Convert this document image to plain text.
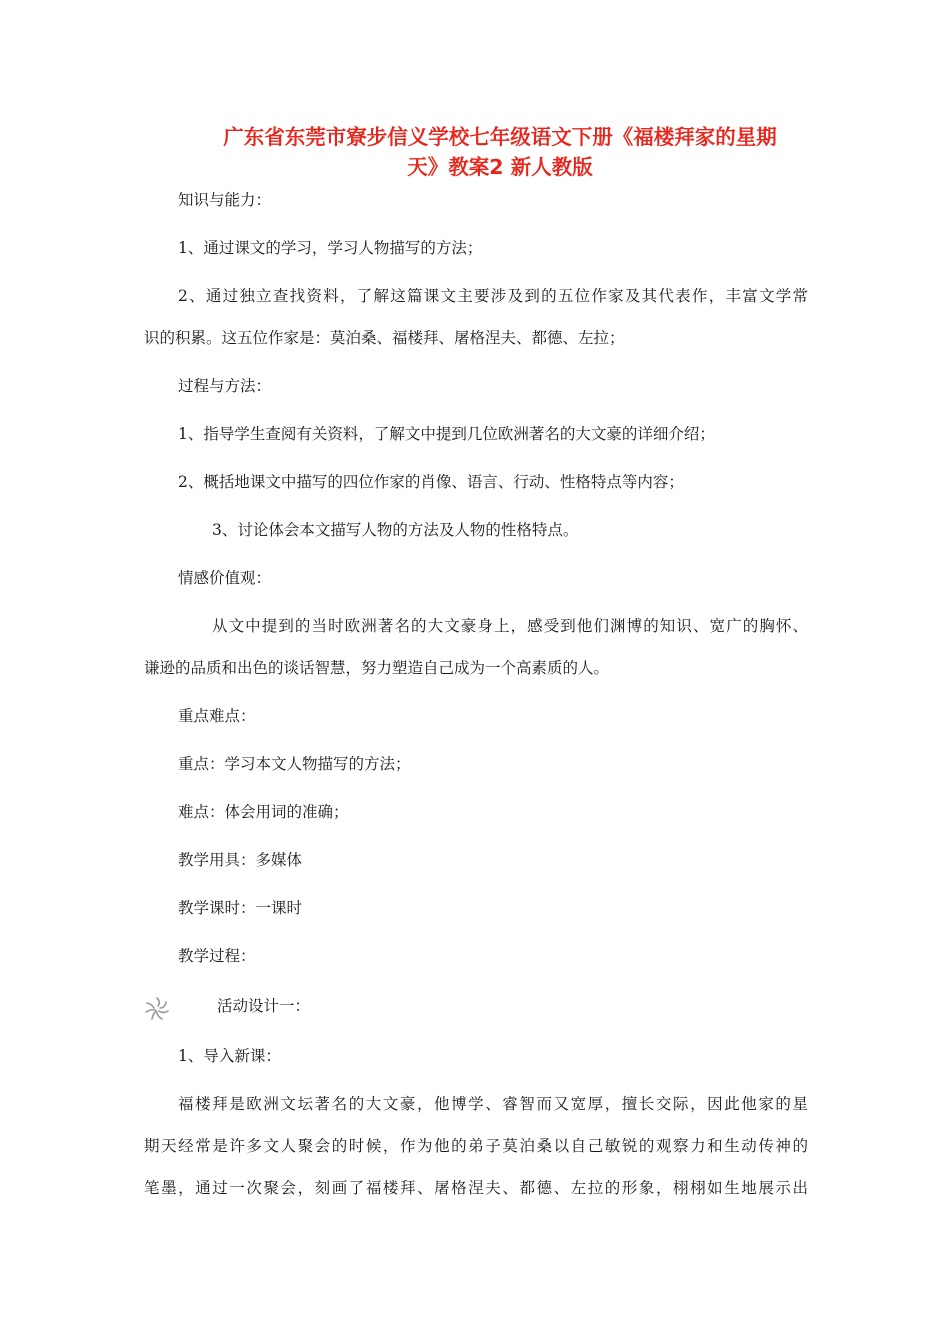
广东省东莞市寮步信义学校七年级语文下册《福楼拜家的星期
天》教案2 新人教版

知识与能力：

1、通过课文的学习，学习人物描写的方法；

2、通过独立查找资料，了解这篇课文主要涉及到的五位作家及其代表作，丰富文学常

识的积累。这五位作家是：莫泊桑、福楼拜、屠格涅夫、都德、左拉；

过程与方法：

1、指导学生查阅有关资料，了解文中提到几位欧洲著名的大文豪的详细介绍；

2、概括地课文中描写的四位作家的肖像、语言、行动、性格特点等内容；

3、讨论体会本文描写人物的方法及人物的性格特点。

情感价值观：

从文中提到的当时欧洲著名的大文豪身上，感受到他们渊博的知识、宽广的胸怀、

谦逊的品质和出色的谈话智慧，努力塑造自己成为一个高素质的人。

重点难点：

重点：学习本文人物描写的方法；

难点：体会用词的准确；

教学用具：多媒体

教学课时：一课时

教学过程：

活动设计一：

1、导入新课：

福楼拜是欧洲文坛著名的大文豪，他博学、睿智而又宽厚，擅长交际，因此他家的星

期天经常是许多文人聚会的时候，作为他的弟子莫泊桑以自己敏锐的观察力和生动传神的

笔墨，通过一次聚会，刻画了福楼拜、屠格涅夫、都德、左拉的形象，栩栩如生地展示出
